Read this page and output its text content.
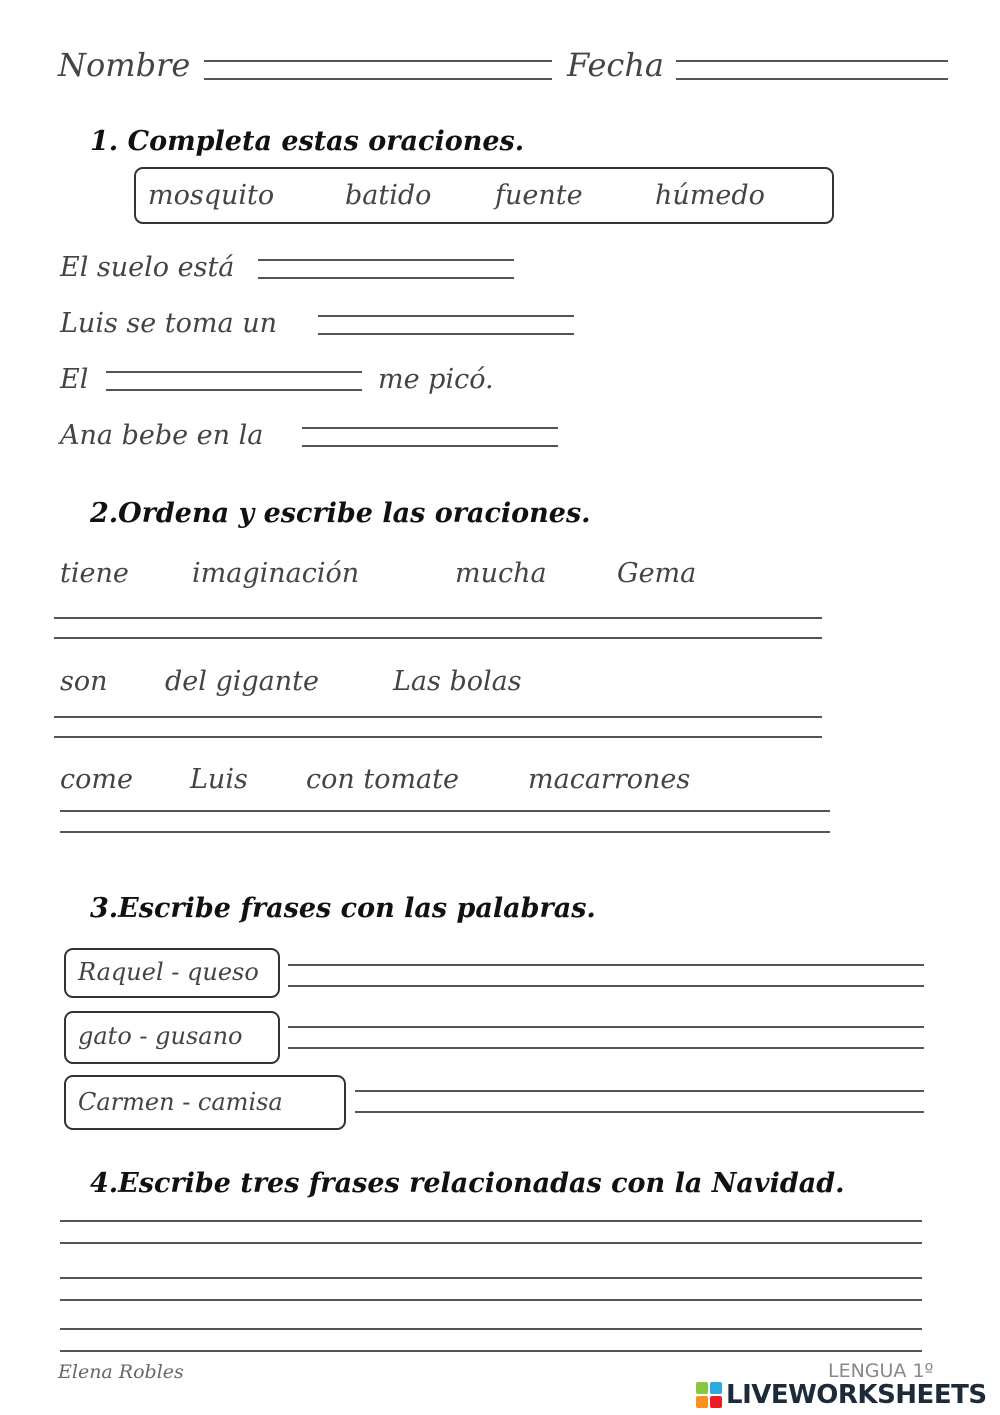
Nombre	Fecha
1. Completa estas oraciones.
mosquito	batido fuente	húmedo
El suelo está
Luis se toma un
El	me picó.
Ana bebe en la
2.Ordena y escribe las oraciones.
tiene imaginación	mucha	Gema
son del gigante	Las bolas
come Luis con tomate	macarrones
3.Escribe frases con las palabras.
Raquel - queso
gato - gusano
Carmen - camisa
4.Escribe tres frases relacionadas con la Navidad.
Elena Robles	LENGUA 1º
LIVEWORKSHEETS
